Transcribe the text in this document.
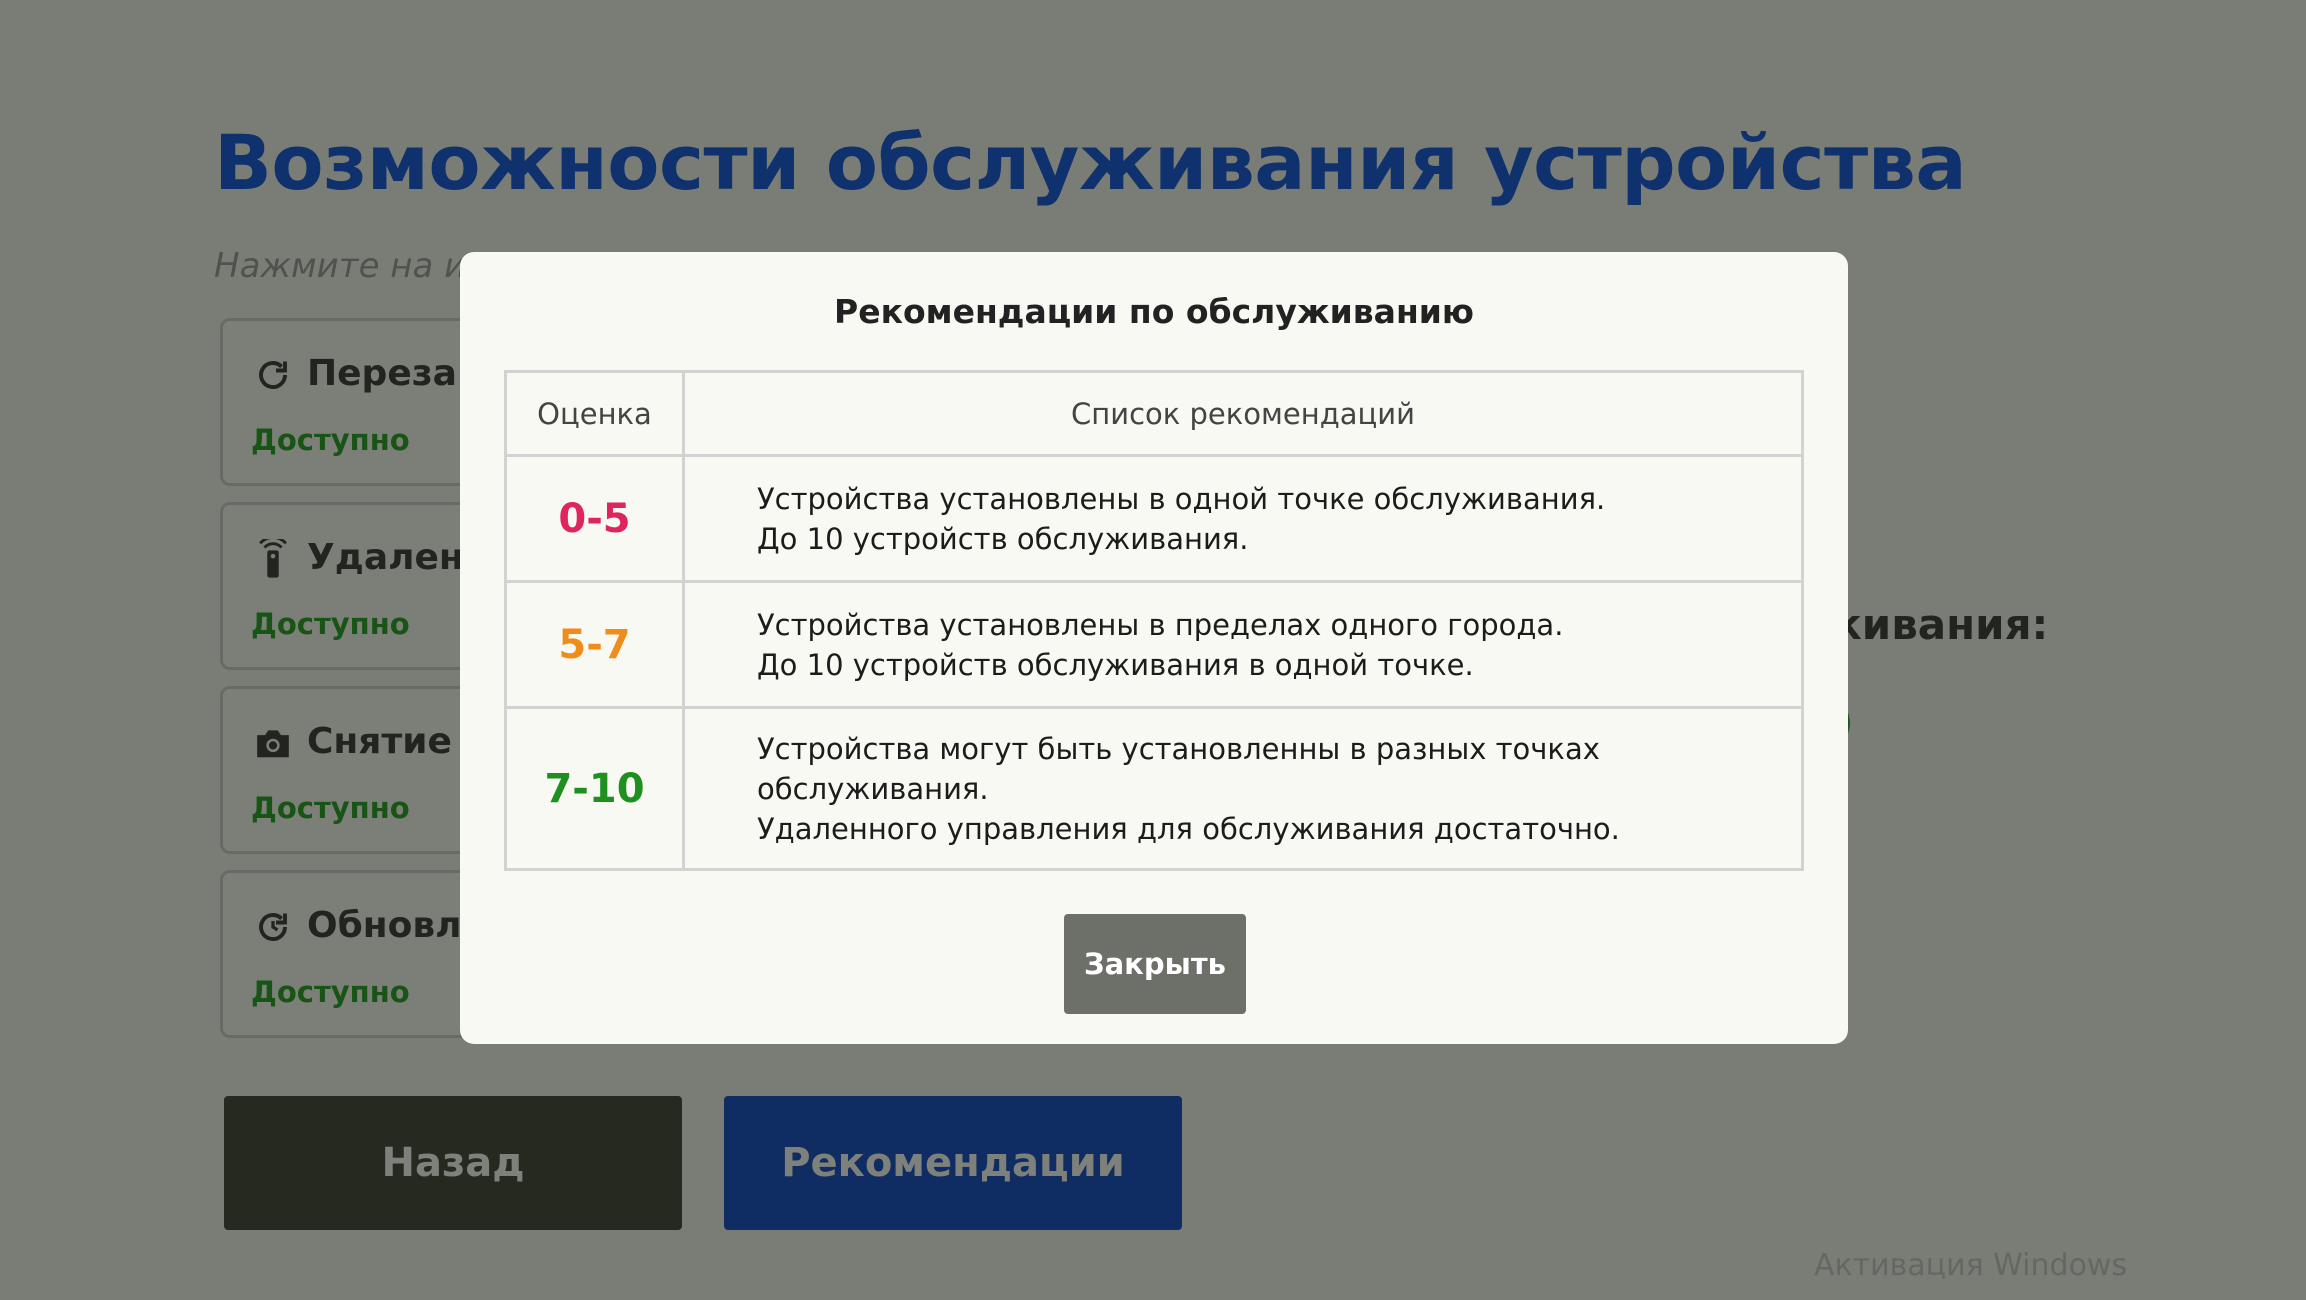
Рекомендации по обслуживанию
Оценка	Список рекомендаций
0-5	Устройства установлены в одной точке обслуживания.
До 10 устройств обслуживания.

5-7	Устройства установлены в пределах одного города.
До 10 устройств обслуживания в одной точке.

7-10	Устройства могут быть установленны в разных точках
обслуживания.
Удаленного управления для обслуживания достаточно.
Закрыть
